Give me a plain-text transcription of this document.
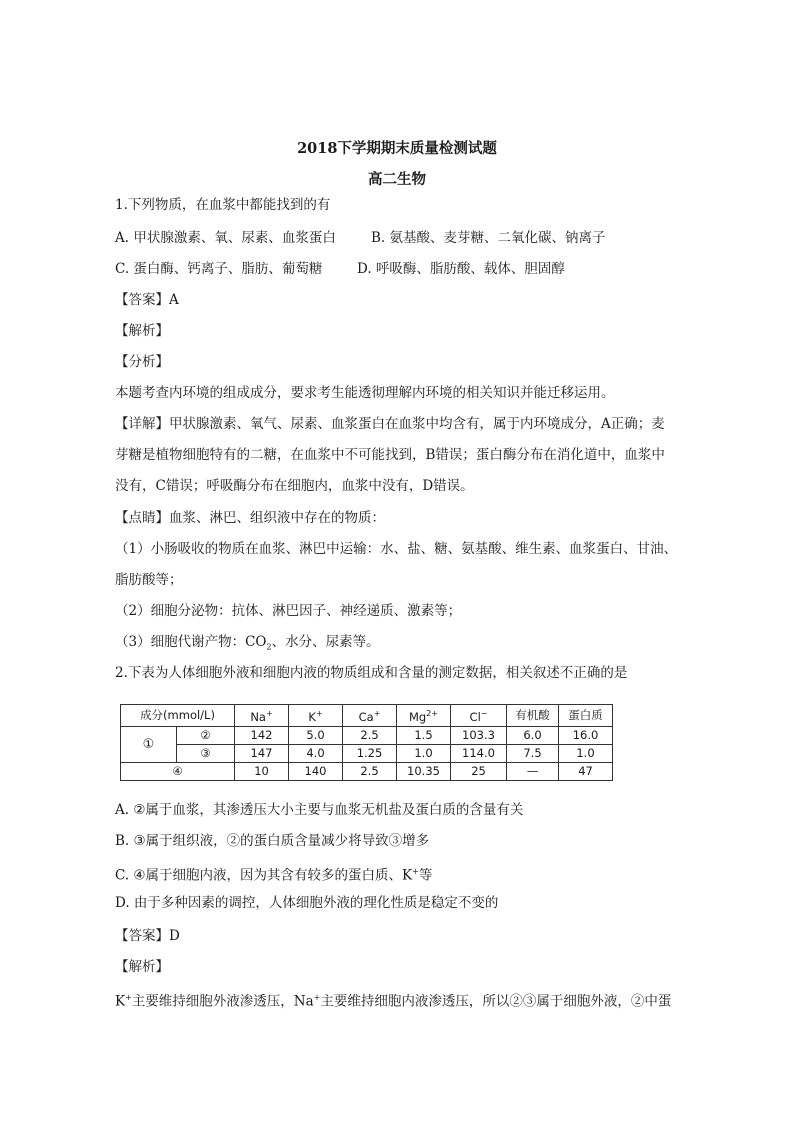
2018下学期期末质量检测试题
高二生物
1.下列物质，在血浆中都能找到的有
A. 甲状腺激素、氧、尿素、血浆蛋白	B. 氨基酸、麦芽糖、二氧化碳、钠离子
C. 蛋白酶、钙离子、脂肪、葡萄糖	D. 呼吸酶、脂肪酸、载体、胆固醇
【答案】A
【解析】
【分析】
本题考查内环境的组成成分，要求考生能透彻理解内环境的相关知识并能迁移运用。
【详解】甲状腺激素、氧气、尿素、血浆蛋白在血浆中均含有，属于内环境成分，A正确；麦
芽糖是植物细胞特有的二糖，在血浆中不可能找到，B错误；蛋白酶分布在消化道中，血浆中
没有，C错误；呼吸酶分布在细胞内，血浆中没有，D错误。
【点睛】血浆、淋巴、组织液中存在的物质：
（1）小肠吸收的物质在血浆、淋巴中运输：水、盐、糖、氨基酸、维生素、血浆蛋白、甘油、
脂肪酸等；
（2）细胞分泌物：抗体、淋巴因子、神经递质、激素等；
（3）细胞代谢产物：$CO_2$、水分、尿素等。
2.下表为人体细胞外液和细胞内液的物质组成和含量的测定数据，相关叙述不正确的是
成分(mmol/L)		Na+	K+	Ca+	$Mg^{2+}$	Cl−	有机酸	蛋白质
①	②	142	5.0	2.5	1.5	103.3	6.0	16.0
	③	147	4.0	1.25	1.0	114.0	7.5	1.0
④		10	140	2.5	10.35	25	—	47
A. ②属于血浆，其渗透压大小主要与血浆无机盐及蛋白质的含量有关
B. ③属于组织液，②的蛋白质含量减少将导致③增多
C. ④属于细胞内液，因为其含有较多的蛋白质、K+等
D. 由于多种因素的调控，人体细胞外液的理化性质是稳定不变的
【答案】D
【解析】
K+主要维持细胞外液渗透压，Na+主要维持细胞内液渗透压，所以②③属于细胞外液，②中蛋
